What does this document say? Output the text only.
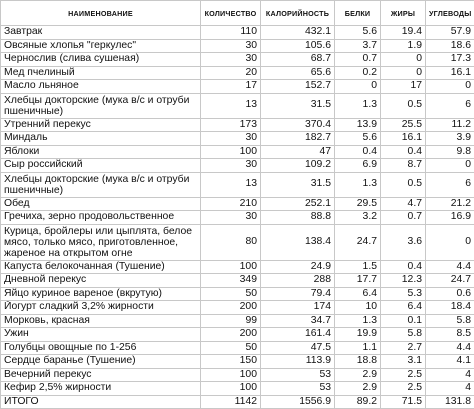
НАИМЕНОВАНИЕ	КОЛИЧЕСТВО	КАЛОРИЙНОСТЬ	БЕЛКИ	ЖИРЫ	УГЛЕВОДЫ
Завтрак	110	432.1	5.6	19.4	57.9
Овсяные хлопья "геркулес"	30	105.6	3.7	1.9	18.6
Чернослив (слива сушеная)	30	68.7	0.7	0	17.3
Мед пчелиный	20	65.6	0.2	0	16.1
Масло льняное	17	152.7	0	17	0
Хлебцы докторские (мука в/с и отруби пшеничные)	13	31.5	1.3	0.5	6
Утренний перекус	173	370.4	13.9	25.5	11.2
Миндаль	30	182.7	5.6	16.1	3.9
Яблоки	100	47	0.4	0.4	9.8
Сыр российский	30	109.2	6.9	8.7	0
Хлебцы докторские (мука в/с и отруби пшеничные)	13	31.5	1.3	0.5	6
Обед	210	252.1	29.5	4.7	21.2
Гречиха, зерно продовольственное	30	88.8	3.2	0.7	16.9
Курица, бройлеры или цыплята, белое мясо, только мясо, приготовленное, жареное на открытом огне	80	138.4	24.7	3.6	0
Капуста белокочанная (Тушение)	100	24.9	1.5	0.4	4.4
Дневной перекус	349	288	17.7	12.3	24.7
Яйцо куриное вареное (вкрутую)	50	79.4	6.4	5.3	0.6
Йогурт сладкий 3,2% жирности	200	174	10	6.4	18.4
Морковь, красная	99	34.7	1.3	0.1	5.8
Ужин	200	161.4	19.9	5.8	8.5
Голубцы овощные по 1-256	50	47.5	1.1	2.7	4.4
Сердце баранье (Тушение)	150	113.9	18.8	3.1	4.1
Вечерний перекус	100	53	2.9	2.5	4
Кефир 2,5% жирности	100	53	2.9	2.5	4
ИТОГО	1142	1556.9	89.2	71.5	131.8
